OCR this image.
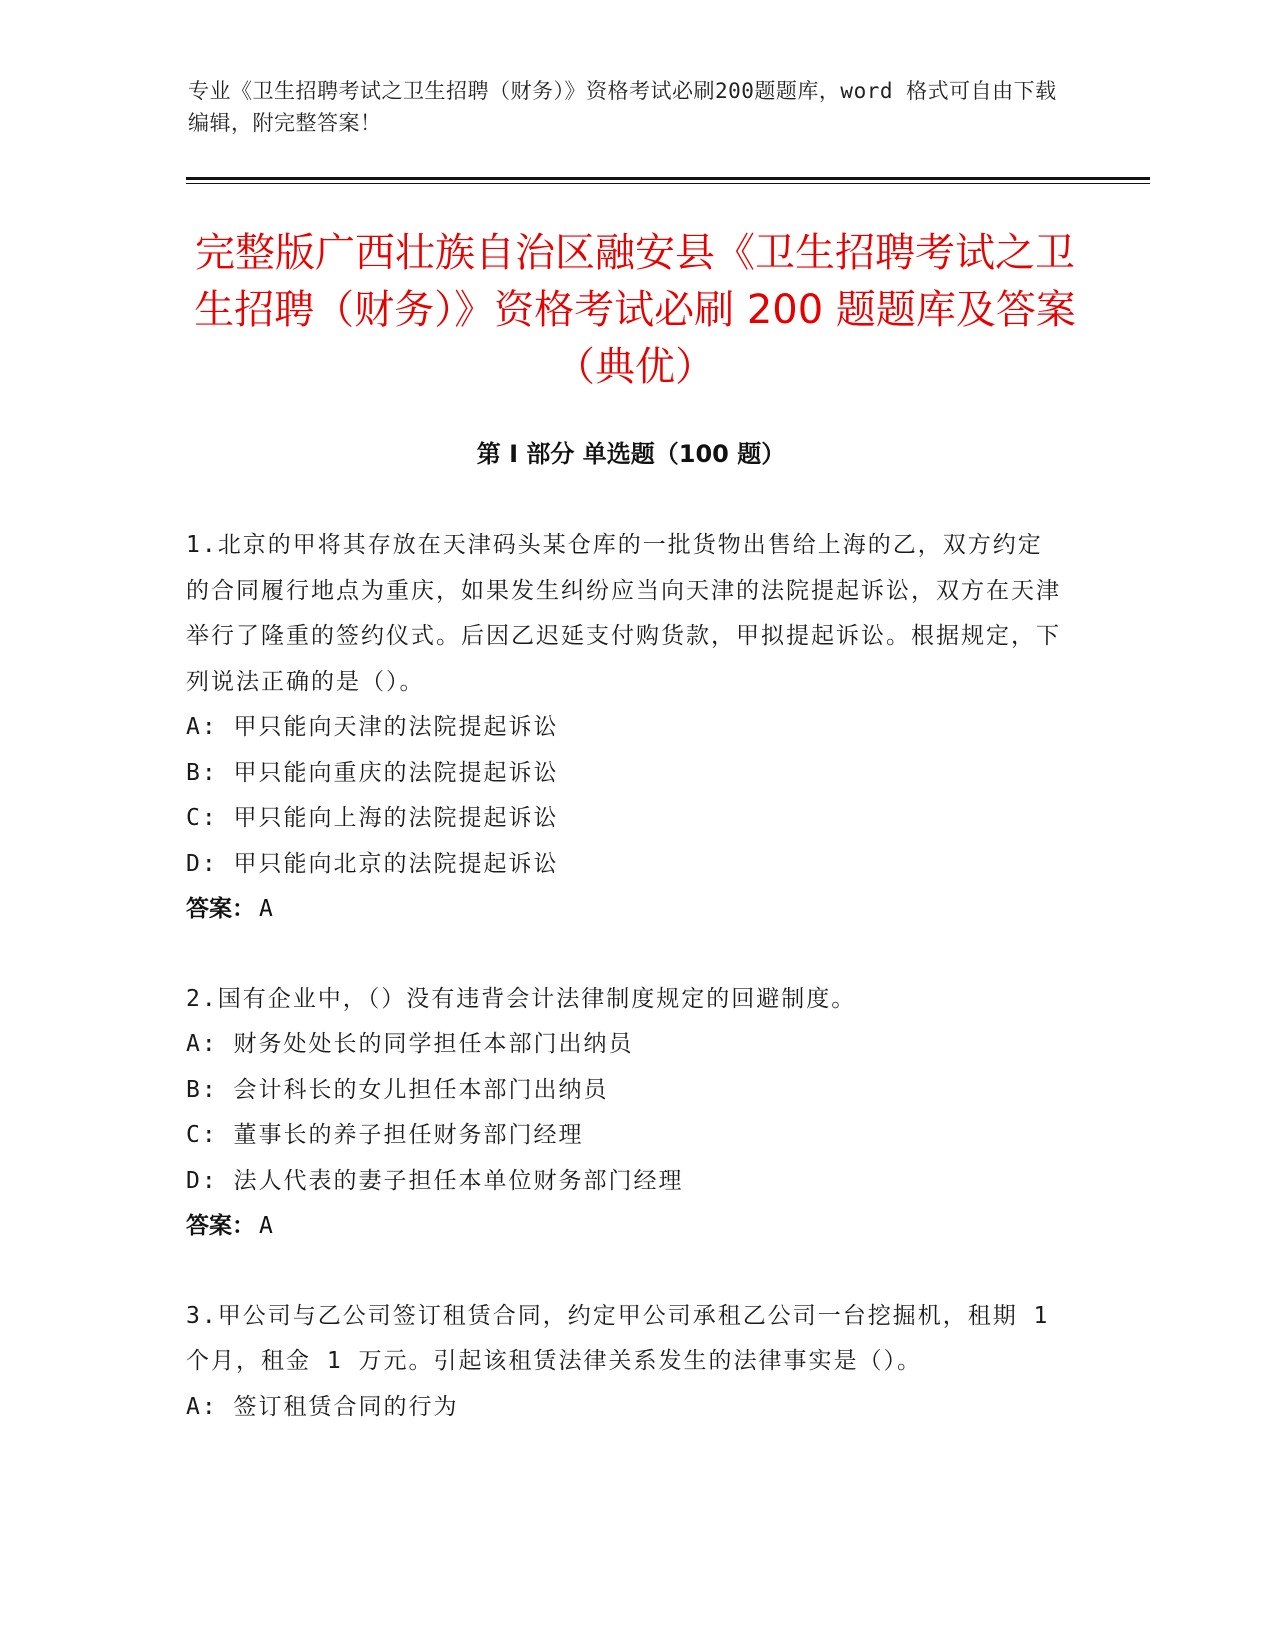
专业《卫生招聘考试之卫生招聘（财务）》资格考试必刷200题题库，word 格式可自由下载编辑，附完整答案！
完整版广西壮族自治区融安县《卫生招聘考试之卫生招聘（财务）》资格考试必刷 200 题题库及答案（典优）
第 I 部分 单选题（100 题）

1.北京的甲将其存放在天津码头某仓库的一批货物出售给上海的乙，双方约定的合同履行地点为重庆，如果发生纠纷应当向天津的法院提起诉讼，双方在天津举行了隆重的签约仪式。后因乙迟延支付购货款，甲拟提起诉讼。根据规定，下列说法正确的是（）。

A: 甲只能向天津的法院提起诉讼

B: 甲只能向重庆的法院提起诉讼

C: 甲只能向上海的法院提起诉讼

D: 甲只能向北京的法院提起诉讼

答案： A

2.国有企业中，（）没有违背会计法律制度规定的回避制度。

A: 财务处处长的同学担任本部门出纳员

B: 会计科长的女儿担任本部门出纳员

C: 董事长的养子担任财务部门经理

D: 法人代表的妻子担任本单位财务部门经理

答案： A

3.甲公司与乙公司签订租赁合同，约定甲公司承租乙公司一台挖掘机，租期 1 个月，租金 1 万元。引起该租赁法律关系发生的法律事实是（）。

A: 签订租赁合同的行为
